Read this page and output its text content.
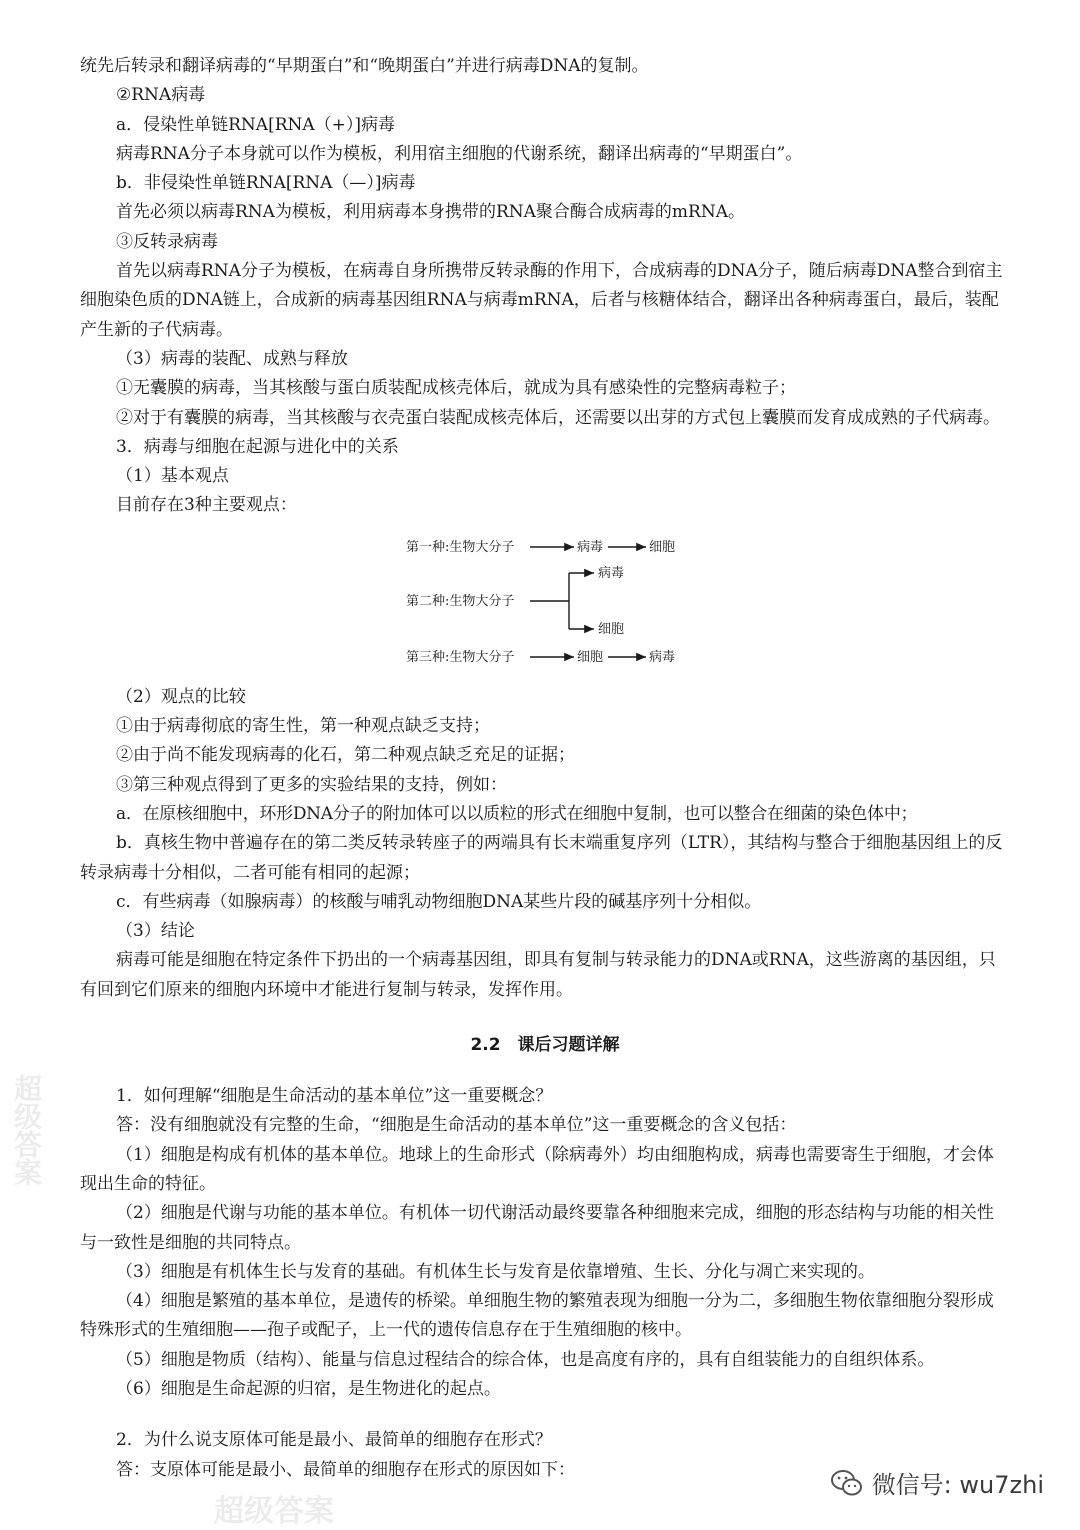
统先后转录和翻译病毒的“早期蛋白”和“晚期蛋白”并进行病毒DNA的复制。

②RNA病毒

a．侵染性单链RNA[RNA（+）]病毒

病毒RNA分子本身就可以作为模板，利用宿主细胞的代谢系统，翻译出病毒的“早期蛋白”。

b．非侵染性单链RNA[RNA（—）]病毒

首先必须以病毒RNA为模板，利用病毒本身携带的RNA聚合酶合成病毒的mRNA。

③反转录病毒

首先以病毒RNA分子为模板，在病毒自身所携带反转录酶的作用下，合成病毒的DNA分子，随后病毒DNA整合到宿主细胞染色质的DNA链上，合成新的病毒基因组RNA与病毒mRNA，后者与核糖体结合，翻译出各种病毒蛋白，最后，装配产生新的子代病毒。

（3）病毒的装配、成熟与释放

①无囊膜的病毒，当其核酸与蛋白质装配成核壳体后，就成为具有感染性的完整病毒粒子；

②对于有囊膜的病毒，当其核酸与衣壳蛋白装配成核壳体后，还需要以出芽的方式包上囊膜而发育成成熟的子代病毒。

3．病毒与细胞在起源与进化中的关系

（1）基本观点

目前存在3种主要观点：

第一种:生物大分子	病毒	细胞
第二种:生物大分子
病毒
细胞
第三种:生物大分子	细胞	病毒

（2）观点的比较

①由于病毒彻底的寄生性，第一种观点缺乏支持；

②由于尚不能发现病毒的化石，第二种观点缺乏充足的证据；

③第三种观点得到了更多的实验结果的支持，例如：

a．在原核细胞中，环形DNA分子的附加体可以以质粒的形式在细胞中复制，也可以整合在细菌的染色体中；

b．真核生物中普遍存在的第二类反转录转座子的两端具有长末端重复序列（LTR），其结构与整合于细胞基因组上的反转录病毒十分相似，二者可能有相同的起源；

c．有些病毒（如腺病毒）的核酸与哺乳动物细胞DNA某些片段的碱基序列十分相似。

（3）结论

病毒可能是细胞在特定条件下扔出的一个病毒基因组，即具有复制与转录能力的DNA或RNA，这些游离的基因组，只有回到它们原来的细胞内环境中才能进行复制与转录，发挥作用。

2.2　课后习题详解

1．如何理解“细胞是生命活动的基本单位”这一重要概念？

答：没有细胞就没有完整的生命，“细胞是生命活动的基本单位”这一重要概念的含义包括：

（1）细胞是构成有机体的基本单位。地球上的生命形式（除病毒外）均由细胞构成，病毒也需要寄生于细胞，才会体现出生命的特征。

（2）细胞是代谢与功能的基本单位。有机体一切代谢活动最终要靠各种细胞来完成，细胞的形态结构与功能的相关性与一致性是细胞的共同特点。

（3）细胞是有机体生长与发育的基础。有机体生长与发育是依靠增殖、生长、分化与凋亡来实现的。

（4）细胞是繁殖的基本单位，是遗传的桥梁。单细胞生物的繁殖表现为细胞一分为二，多细胞生物依靠细胞分裂形成特殊形式的生殖细胞——孢子或配子，上一代的遗传信息存在于生殖细胞的核中。

（5）细胞是物质（结构）、能量与信息过程结合的综合体，也是高度有序的，具有自组装能力的自组织体系。

（6）细胞是生命起源的归宿，是生物进化的起点。

2．为什么说支原体可能是最小、最简单的细胞存在形式？

答：支原体可能是最小、最简单的细胞存在形式的原因如下：

超级答案
超级答案
微信号: wu7zhi
